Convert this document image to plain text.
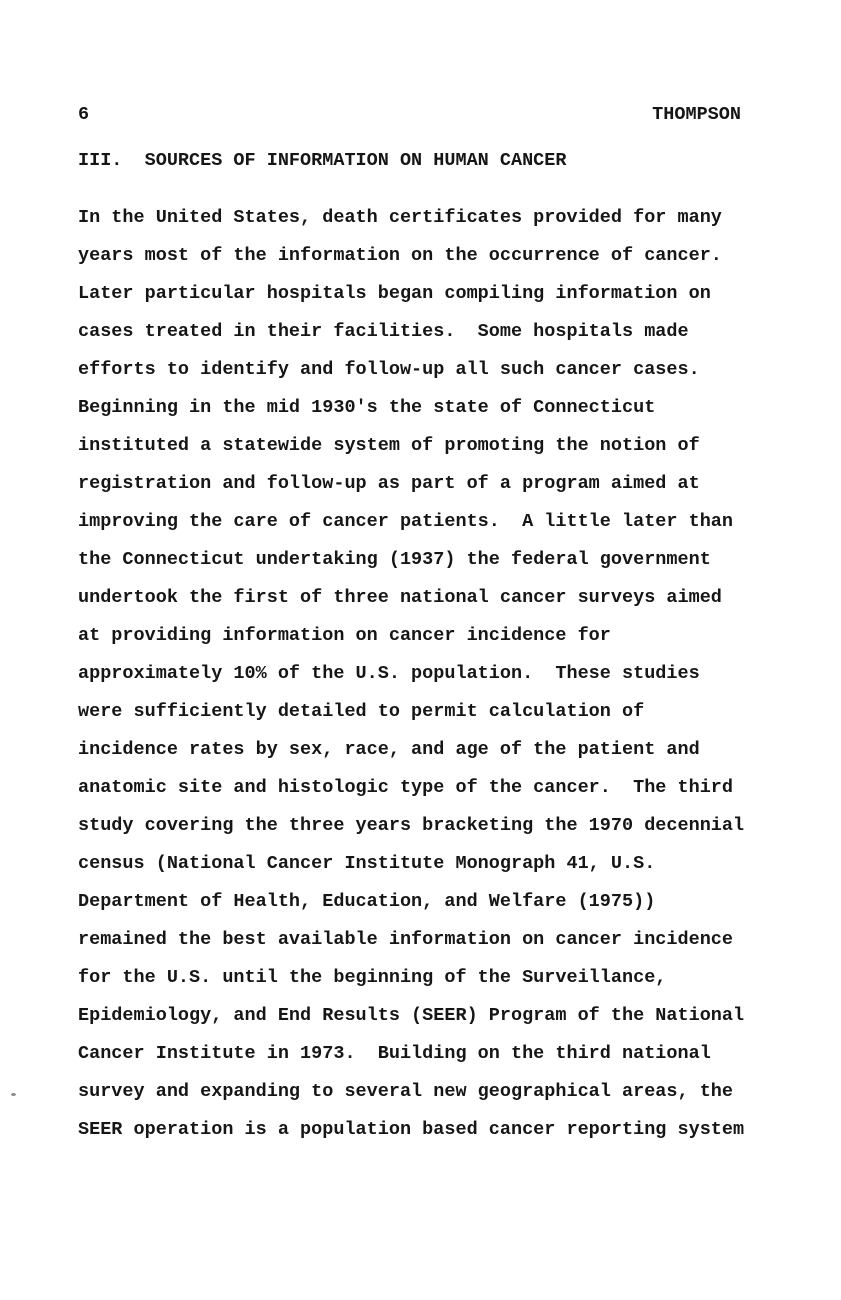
6	THOMPSON
III.  SOURCES OF INFORMATION ON HUMAN CANCER
In the United States, death certificates provided for many
years most of the information on the occurrence of cancer.
Later particular hospitals began compiling information on
cases treated in their facilities.  Some hospitals made
efforts to identify and follow-up all such cancer cases.
Beginning in the mid 1930's the state of Connecticut
instituted a statewide system of promoting the notion of
registration and follow-up as part of a program aimed at
improving the care of cancer patients.  A little later than
the Connecticut undertaking (1937) the federal government
undertook the first of three national cancer surveys aimed
at providing information on cancer incidence for
approximately 10% of the U.S. population.  These studies
were sufficiently detailed to permit calculation of
incidence rates by sex, race, and age of the patient and
anatomic site and histologic type of the cancer.  The third
study covering the three years bracketing the 1970 decennial
census (National Cancer Institute Monograph 41, U.S.
Department of Health, Education, and Welfare (1975))
remained the best available information on cancer incidence
for the U.S. until the beginning of the Surveillance,
Epidemiology, and End Results (SEER) Program of the National
Cancer Institute in 1973.  Building on the third national
survey and expanding to several new geographical areas, the
SEER operation is a population based cancer reporting system
